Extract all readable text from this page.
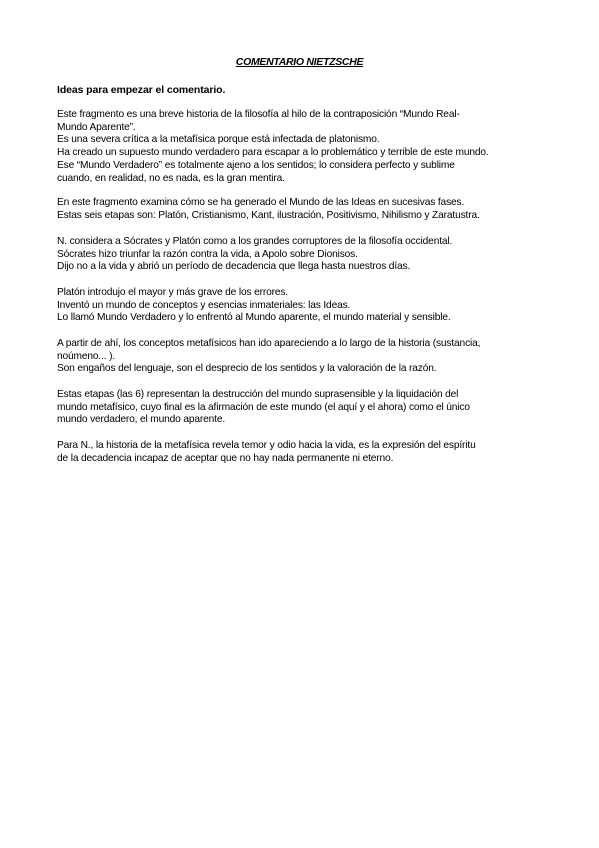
COMENTARIO NIETZSCHE
Ideas para empezar el comentario.

Este fragmento es una breve historia de la filosofía al hilo de la contraposición “Mundo Real-
Mundo Aparente”.
Es una severa crítica a la metafísica porque está infectada de platonismo.
Ha creado un supuesto mundo verdadero para escapar a lo problemático y terrible de este mundo.
Ese “Mundo Verdadero” es totalmente ajeno a los sentidos; lo considera perfecto y sublime
cuando, en realidad, no es nada, es la gran mentira.

En este fragmento examina cómo se ha generado el Mundo de las Ideas en sucesivas fases.
Estas seis etapas son: Platón, Cristianismo, Kant, ilustración, Positivismo, Nihilismo y Zaratustra.

N. considera a Sócrates y Platón como a los grandes corruptores de la filosofía occidental.
Sócrates hizo triunfar la razón contra la vida, a Apolo sobre Dionisos.
Dijo no a la vida y abrió un período de decadencia que llega hasta nuestros días.

Platón introdujo el mayor y más grave de los errores.
Inventó un mundo de conceptos y esencias inmateriales: las Ideas.
Lo llamó Mundo Verdadero y lo enfrentó al Mundo aparente, el mundo material y sensible.

A partir de ahí, los conceptos metafísicos han ido apareciendo a lo largo de la historia (sustancia,
noúmeno... ).
Son engaños del lenguaje, son el desprecio de los sentidos y la valoración de la razón.

Estas etapas (las 6) representan la destrucción del mundo suprasensible y la liquidación del
mundo metafísico, cuyo final es la afirmación de este mundo (el aquí y el ahora) como el único
mundo verdadero, el mundo aparente.

Para N., la historia de la metafísica revela temor y odio hacia la vida, es la expresión del espíritu
de la decadencia incapaz de aceptar que no hay nada permanente ni eterno.
